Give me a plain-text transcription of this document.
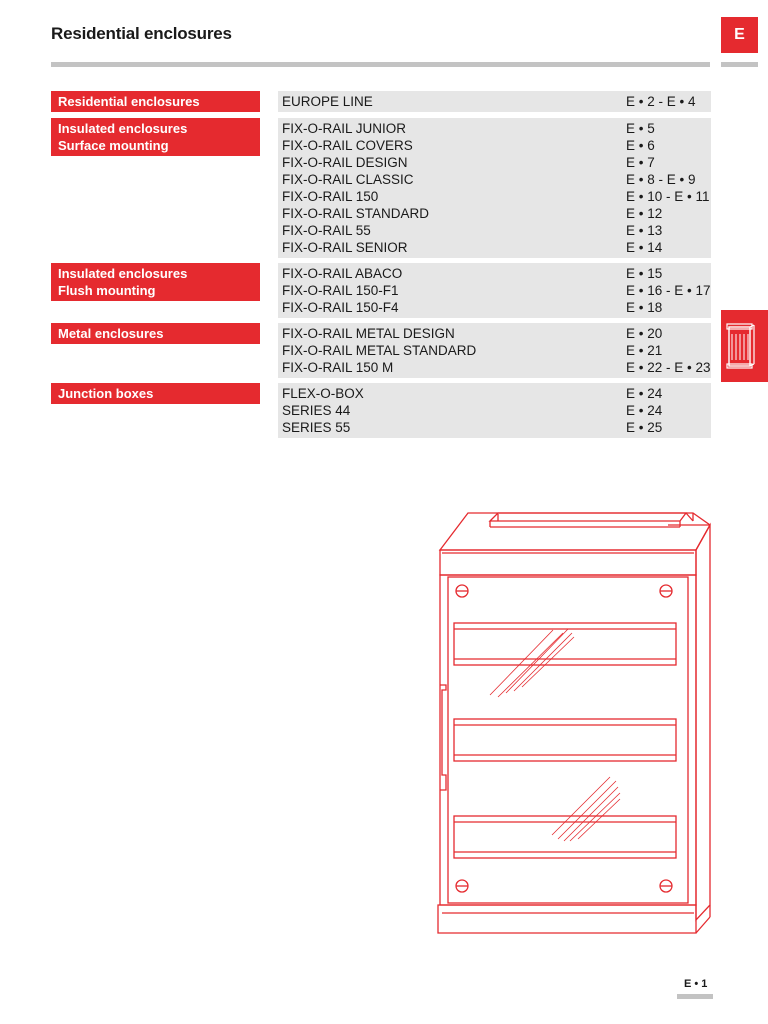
Residential enclosures	E
Residential enclosures	EUROPE LINE	E • 2 - E • 4
Insulated enclosures
Surface mounting
FIX-O-RAIL JUNIOR	E • 5
FIX-O-RAIL COVERS	E • 6
FIX-O-RAIL DESIGN	E • 7
FIX-O-RAIL CLASSIC	E • 8 - E • 9
FIX-O-RAIL 150	E • 10 - E • 11
FIX-O-RAIL STANDARD	E • 12
FIX-O-RAIL 55	E • 13
FIX-O-RAIL SENIOR	E • 14
Insulated enclosures
Flush mounting
FIX-O-RAIL ABACO	E • 15
FIX-O-RAIL 150-F1	E • 16 - E • 17
FIX-O-RAIL 150-F4	E • 18
Metal enclosures	FIX-O-RAIL METAL DESIGN	E • 20
FIX-O-RAIL METAL STANDARD	E • 21
FIX-O-RAIL 150 M	E • 22 - E • 23
Junction boxes	FLEX-O-BOX	E • 24
SERIES 44	E • 24
SERIES 55	E • 25
E • 1
